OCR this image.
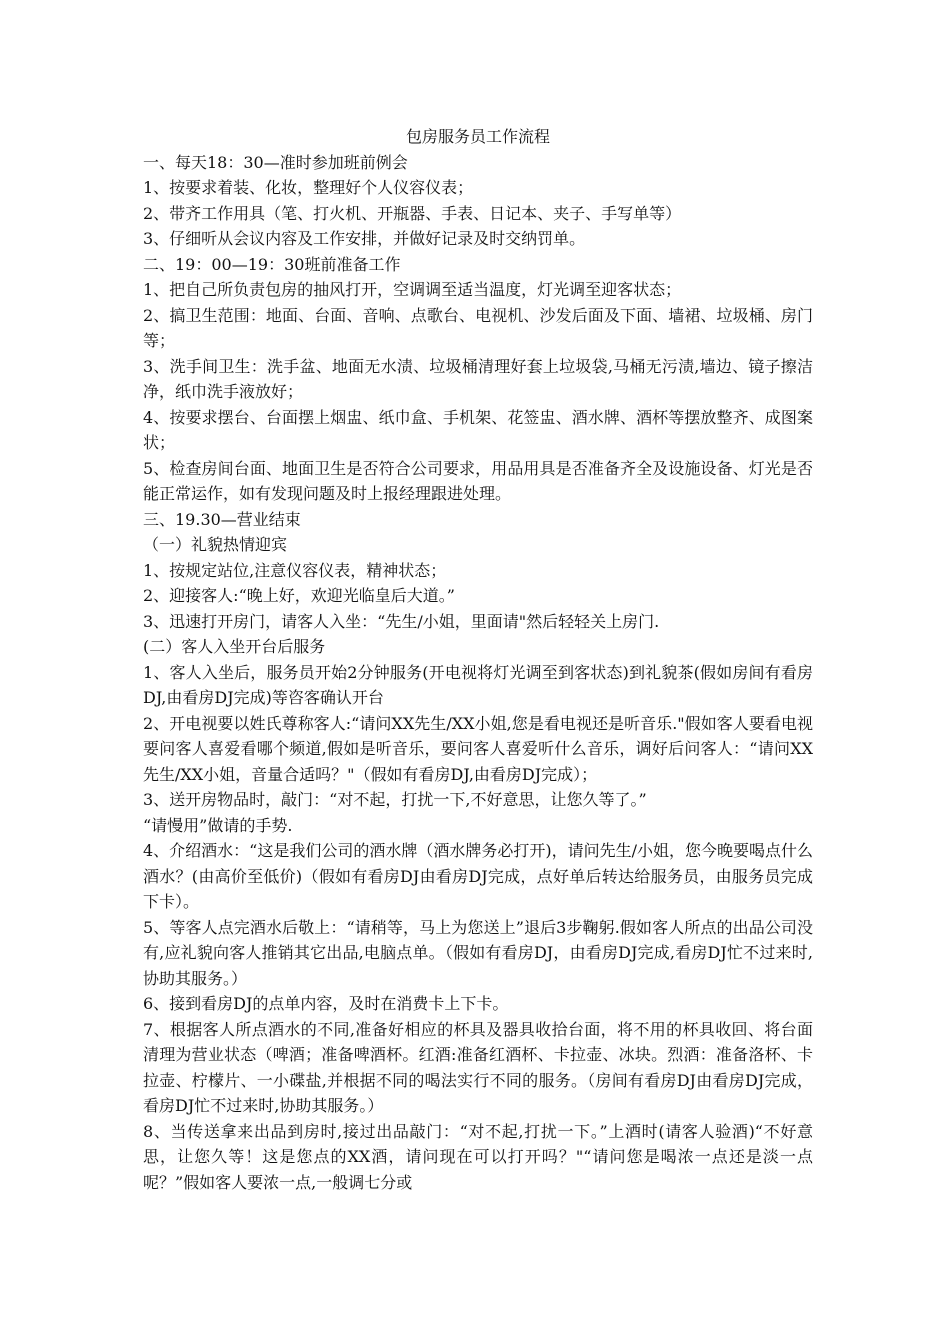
包房服务员工作流程

一、每天18：30—准时参加班前例会

1、按要求着装、化妆，整理好个人仪容仪表；

2、带齐工作用具（笔、打火机、开瓶器、手表、日记本、夹子、手写单等）

3、仔细听从会议内容及工作安排，并做好记录及时交纳罚单。

二、19：00—19：30班前准备工作

1、把自己所负责包房的抽风打开，空调调至适当温度，灯光调至迎客状态；

2、搞卫生范围：地面、台面、音响、点歌台、电视机、沙发后面及下面、墙裙、垃圾桶、房门等；

3、洗手间卫生：洗手盆、地面无水渍、垃圾桶清理好套上垃圾袋,马桶无污渍,墙边、镜子擦洁净，纸巾洗手液放好；

4、按要求摆台、台面摆上烟盅、纸巾盒、手机架、花签盅、酒水牌、酒杯等摆放整齐、成图案状；

5、检查房间台面、地面卫生是否符合公司要求，用品用具是否准备齐全及设施设备、灯光是否能正常运作，如有发现问题及时上报经理跟进处理。

三、19.30—营业结束

（一）礼貌热情迎宾

1、按规定站位,注意仪容仪表，精神状态；

2、迎接客人:“晚上好，欢迎光临皇后大道。”

3、迅速打开房门，请客人入坐：“先生/小姐，里面请"然后轻轻关上房门.

(二）客人入坐开台后服务

1、客人入坐后，服务员开始2分钟服务(开电视将灯光调至到客状态)到礼貌茶(假如房间有看房DJ,由看房DJ完成)等咨客确认开台

2、开电视要以姓氏尊称客人:“请问XX先生/XX小姐,您是看电视还是听音乐."假如客人要看电视要问客人喜爱看哪个频道,假如是听音乐，要问客人喜爱听什么音乐，调好后问客人：“请问XX先生/XX小姐，音量合适吗？"（假如有看房DJ,由看房DJ完成）；

3、送开房物品时，敲门：“对不起，打扰一下,不好意思，让您久等了。”

“请慢用”做请的手势.

4、介绍酒水：“这是我们公司的酒水牌（酒水牌务必打开)，请问先生/小姐，您今晚要喝点什么酒水？(由高价至低价)（假如有看房DJ由看房DJ完成，点好单后转达给服务员，由服务员完成下卡）。

5、等客人点完酒水后敬上：“请稍等，马上为您送上”退后3步鞠躬.假如客人所点的出品公司没有,应礼貌向客人推销其它出品,电脑点单。（假如有看房DJ，由看房DJ完成,看房DJ忙不过来时,协助其服务。）

6、接到看房DJ的点单内容，及时在消费卡上下卡。

7、根据客人所点酒水的不同,准备好相应的杯具及器具收拾台面，将不用的杯具收回、将台面清理为营业状态（啤酒；准备啤酒杯。红酒:准备红酒杯、卡拉壶、冰块。烈酒：准备洛杯、卡拉壶、柠檬片、一小碟盐,并根据不同的喝法实行不同的服务。（房间有看房DJ由看房DJ完成，看房DJ忙不过来时,协助其服务。）

8、当传送拿来出品到房时,接过出品敲门：“对不起,打扰一下。”上酒时(请客人验酒)“不好意思，让您久等！这是您点的XX酒，请问现在可以打开吗？"“请问您是喝浓一点还是淡一点呢？”假如客人要浓一点,一般调七分或
